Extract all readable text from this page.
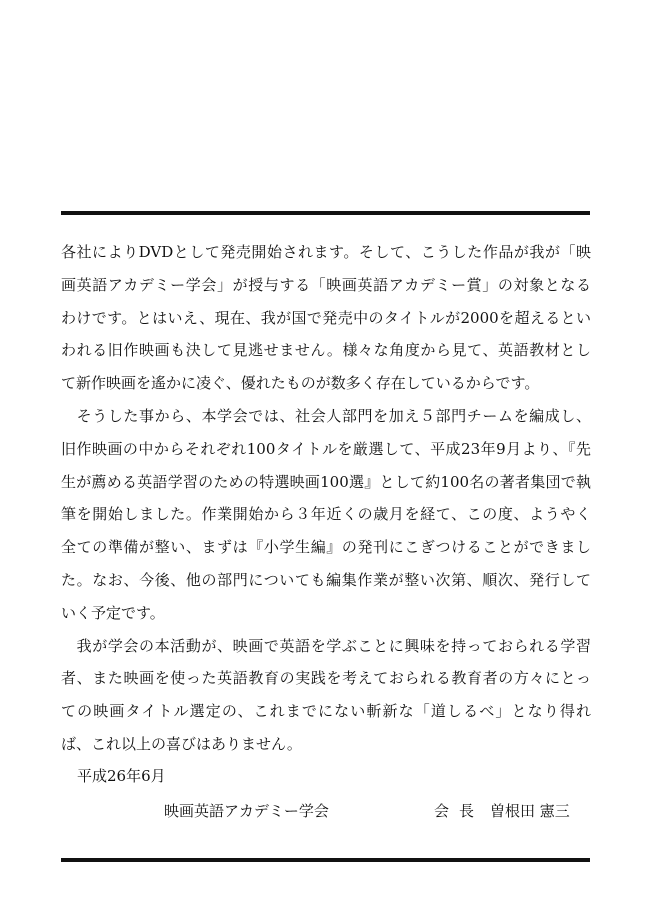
各社によりDVDとして発売開始されます。そして、こうした作品が我が「映
画英語アカデミー学会」が授与する「映画英語アカデミー賞」の対象となる
わけです。とはいえ、現在、我が国で発売中のタイトルが2000を超えるとい
われる旧作映画も決して見逃せません。様々な角度から見て、英語教材とし
て新作映画を遙かに凌ぐ、優れたものが数多く存在しているからです。
　そうした事から、本学会では、社会人部門を加え５部門チームを編成し、
旧作映画の中からそれぞれ100タイトルを厳選して、平成23年9月より、『先
生が薦める英語学習のための特選映画100選』として約100名の著者集団で執
筆を開始しました。作業開始から３年近くの歳月を経て、この度、ようやく
全ての準備が整い、まずは『小学生編』の発刊にこぎつけることができまし
た。なお、今後、他の部門についても編集作業が整い次第、順次、発行して
いく予定です。
　我が学会の本活動が、映画で英語を学ぶことに興味を持っておられる学習
者、また映画を使った英語教育の実践を考えておられる教育者の方々にとっ
ての映画タイトル選定の、これまでにない斬新な「道しるべ」となり得れ
ば、これ以上の喜びはありません。
平成26年6月
映画英語アカデミー学会	会長 曽根田 憲三
